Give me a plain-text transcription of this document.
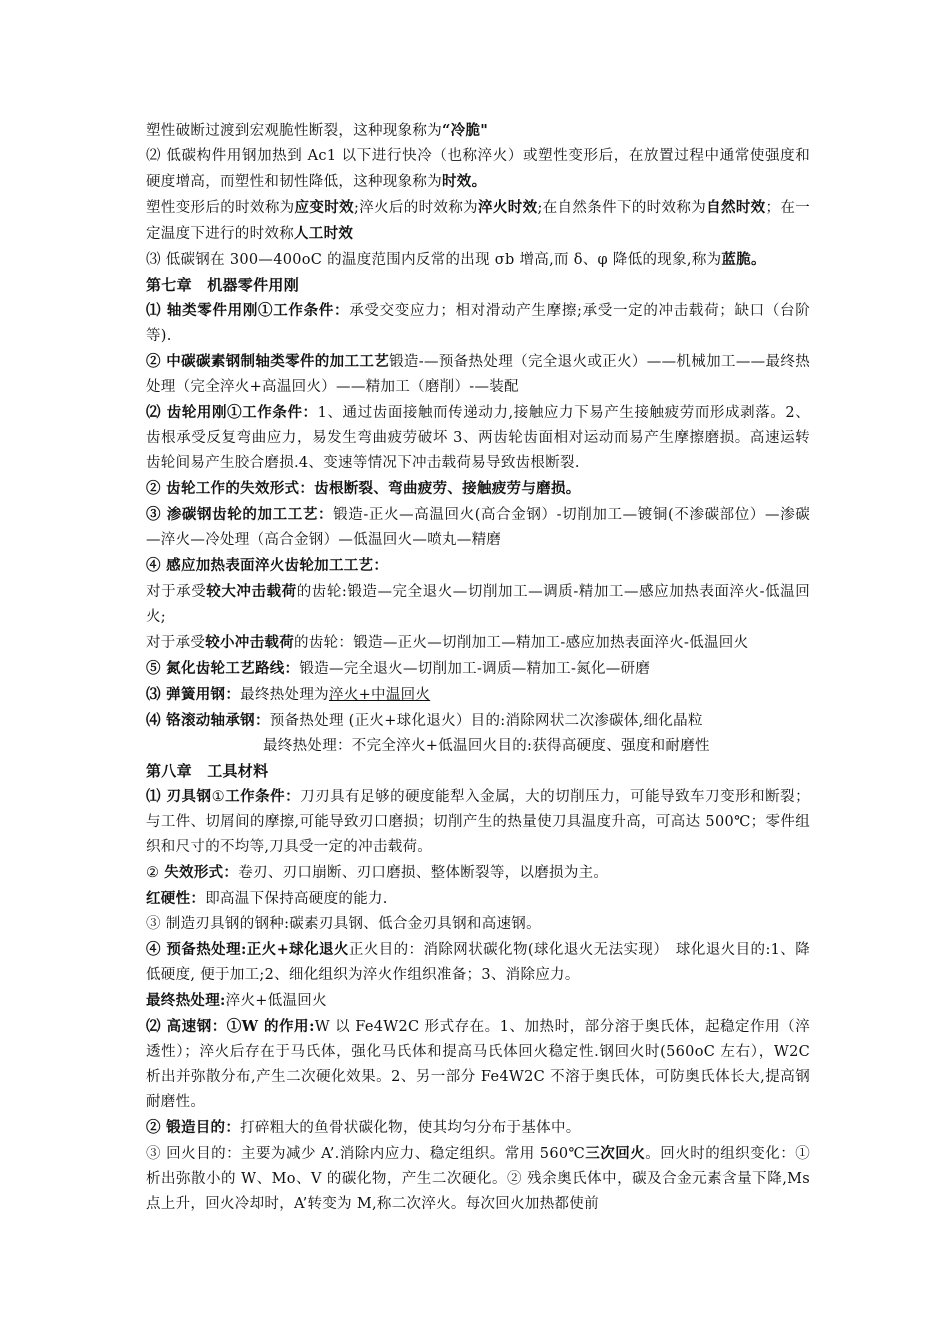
塑性破断过渡到宏观脆性断裂，这种现象称为“冷脆"

⑵ 低碳构件用钢加热到 Ac1 以下进行快冷（也称淬火）或塑性变形后，在放置过程中通常使强度和硬度增高，而塑性和韧性降低，这种现象称为时效。

塑性变形后的时效称为应变时效;淬火后的时效称为淬火时效;在自然条件下的时效称为自然时效；在一定温度下进行的时效称人工时效

⑶ 低碳钢在 300—400oC 的温度范围内反常的出现 σb 增高,而 δ、φ 降低的现象,称为蓝脆。

第七章　机器零件用刚

⑴ 轴类零件用刚①工作条件：承受交变应力；相对滑动产生摩擦;承受一定的冲击载荷；缺口（台阶等).

② 中碳碳素钢制轴类零件的加工工艺锻造-—预备热处理（完全退火或正火）——机械加工——最终热处理（完全淬火+高温回火）——精加工（磨削）-—装配

⑵ 齿轮用刚①工作条件：1、通过齿面接触而传递动力,接触应力下易产生接触疲劳而形成剥落。2、齿根承受反复弯曲应力，易发生弯曲疲劳破坏 3、两齿轮齿面相对运动而易产生摩擦磨损。高速运转齿轮间易产生胶合磨损.4、变速等情况下冲击载荷易导致齿根断裂.

② 齿轮工作的失效形式：齿根断裂、弯曲疲劳、接触疲劳与磨损。

③ 渗碳钢齿轮的加工工艺：锻造-正火—高温回火(高合金钢）-切削加工—镀铜(不渗碳部位）—渗碳—淬火—冷处理（高合金钢）—低温回火—喷丸—精磨

④ 感应加热表面淬火齿轮加工工艺：

对于承受较大冲击载荷的齿轮:锻造—完全退火—切削加工—调质-精加工—感应加热表面淬火-低温回火;

对于承受较小冲击载荷的齿轮：锻造—正火—切削加工—精加工-感应加热表面淬火-低温回火

⑤ 氮化齿轮工艺路线：锻造—完全退火—切削加工-调质—精加工-氮化—研磨

⑶ 弹簧用钢：最终热处理为淬火+中温回火

⑷ 铬滚动轴承钢：预备热处理 (正火+球化退火）目的:消除网状二次渗碳体,细化晶粒

最终热处理：不完全淬火+低温回火目的:获得高硬度、强度和耐磨性

第八章　工具材料

⑴ 刃具钢①工作条件：刀刃具有足够的硬度能犁入金属，大的切削压力，可能导致车刀变形和断裂；与工件、切屑间的摩擦,可能导致刃口磨损；切削产生的热量使刀具温度升高，可高达 500℃；零件组织和尺寸的不均等,刀具受一定的冲击载荷。

② 失效形式：卷刃、刃口崩断、刃口磨损、整体断裂等，以磨损为主。

红硬性：即高温下保持高硬度的能力.

③ 制造刃具钢的钢种:碳素刃具钢、低合金刃具钢和高速钢。

④ 预备热处理:正火+球化退火正火目的：消除网状碳化物(球化退火无法实现）　球化退火目的:1、降低硬度, 便于加工;2、细化组织为淬火作组织准备；3、消除应力。

最终热处理:淬火+低温回火

⑵ 高速钢：①W 的作用:W 以 Fe4W2C 形式存在。1、加热时，部分溶于奥氏体，起稳定作用（淬透性）；淬火后存在于马氏体，强化马氏体和提高马氏体回火稳定性.钢回火时(560oC 左右），W2C 析出并弥散分布,产生二次硬化效果。2、另一部分 Fe4W2C 不溶于奥氏体，可防奥氏体长大,提高钢耐磨性。

② 锻造目的：打碎粗大的鱼骨状碳化物，使其均匀分布于基体中。

③ 回火目的：主要为减少 A’.消除内应力、稳定组织。常用 560℃三次回火。回火时的组织变化：① 析出弥散小的 W、Mo、V 的碳化物，产生二次硬化。② 残余奥氏体中，碳及合金元素含量下降,Ms 点上升，回火冷却时，A’转变为 M,称二次淬火。每次回火加热都使前
